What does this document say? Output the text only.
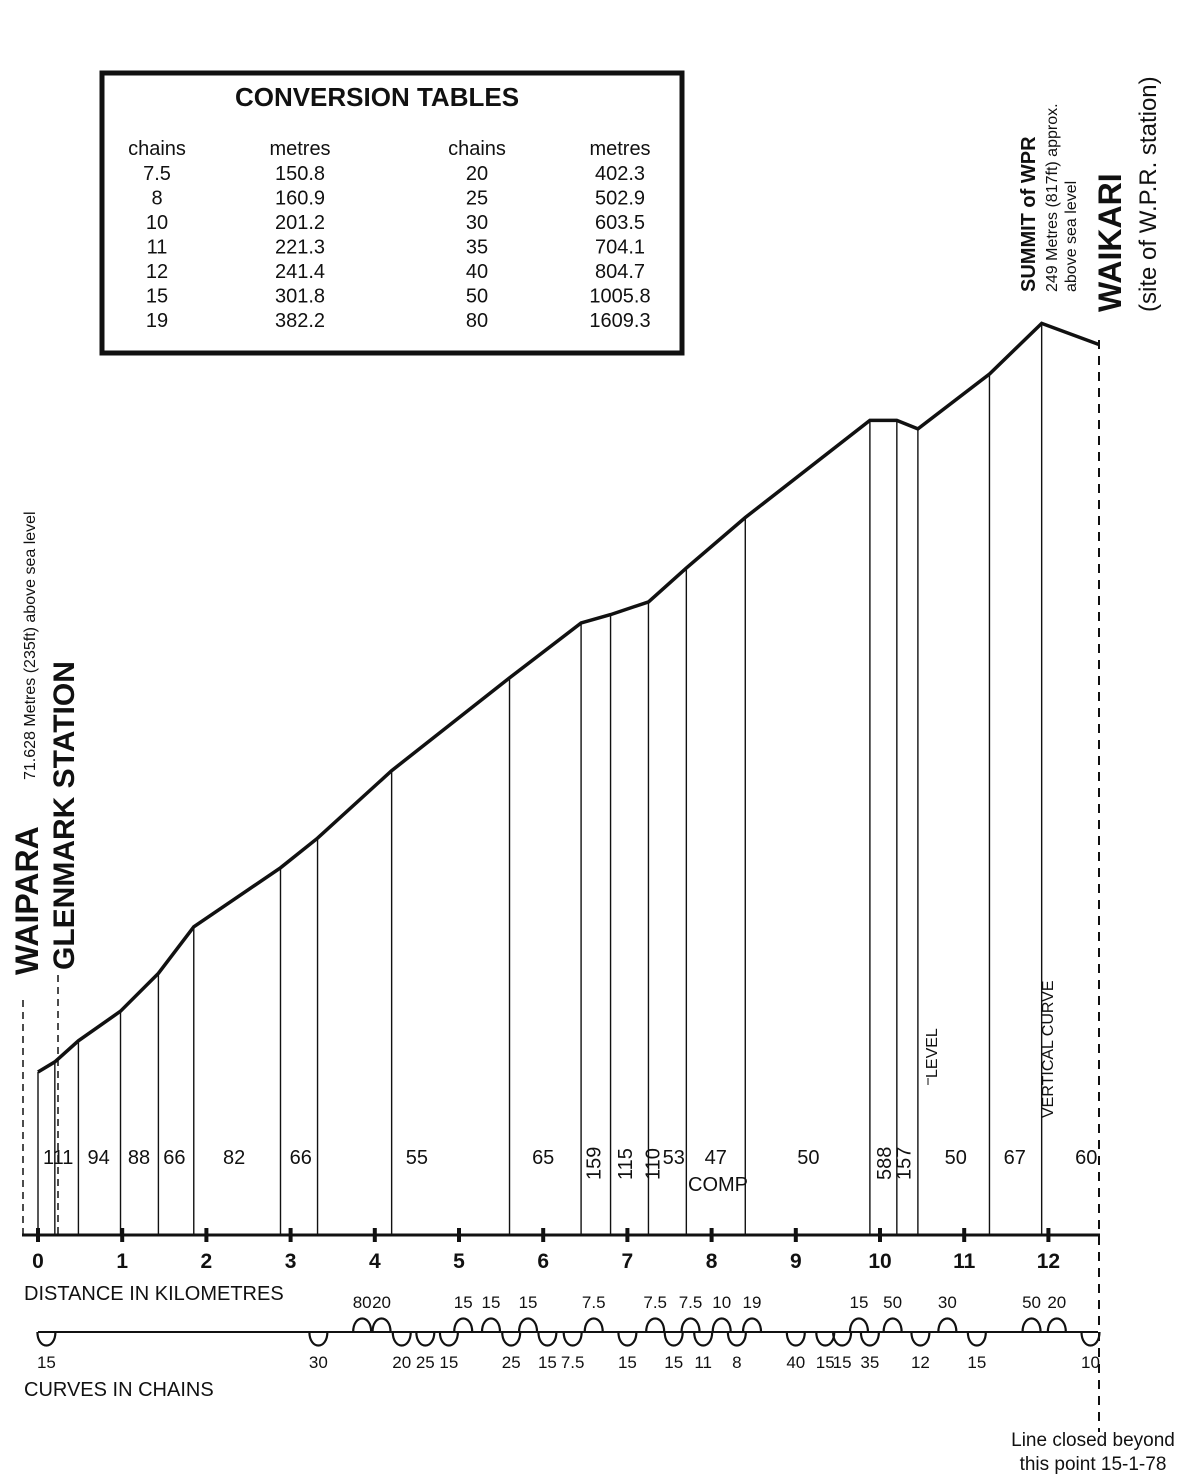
CONVERSION TABLES
chains	metres	chains	metres
7.5	150.8	20	402.3
8	160.9	25	502.9
10	201.2	30	603.5
11	221.3	35	704.1
12	241.4	40	804.7
15	301.8	50	1005.8
19	382.2	80	1609.3
111 94 88 66 82 66	55	65 159 115 110
53 47	50	588
157 50 67 60
WAIPARA
71.628 Metres (235ft) above sea level
GLENMARK STATION
SUMMIT of WPR 249 Metres (817ft) approx. above sea level WAIKARI (site of W.P.R. station)
LEVEL	VERTICAL CURVE
COMP
0	1	2	3	4	5	6	7	8	9	10	11	12
DISTANCE IN KILOMETRES
15	30
80 20
20 25 15
15 15
25
15
15 7.5
7.5
15
7.5
15
7.5
11
10
8
19
40 15
15
15
35
50
12
30
15
50 20
10
CURVES IN CHAINS
Line closed beyond
this point 15-1-78
